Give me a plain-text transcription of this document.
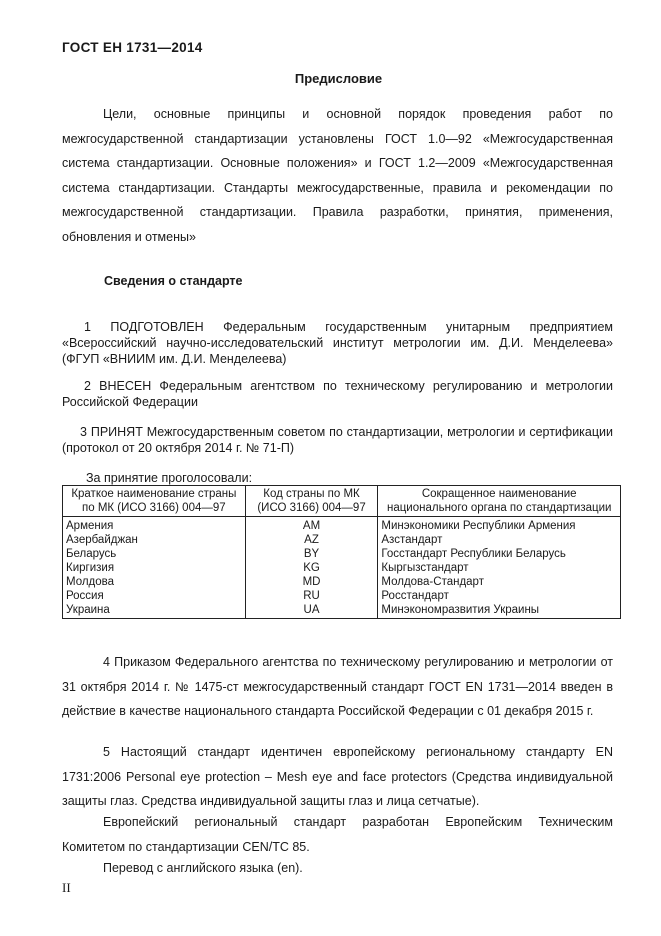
ГОСТ EH 1731—2014
Предисловие
Цели, основные принципы и основной порядок проведения работ по межгосударственной стандартизации установлены ГОСТ 1.0—92 «Межгосударственная система стандартизации. Основные положения» и ГОСТ 1.2—2009 «Межгосударственная система стандартизации. Стандарты межгосударственные, правила и рекомендации по межгосударственной стандартизации. Правила разработки, принятия, применения, обновления и отмены»
Сведения о стандарте
1 ПОДГОТОВЛЕН Федеральным государственным унитарным предприятием «Всероссийский научно-исследовательский институт метрологии им. Д.И. Менделеева» (ФГУП «ВНИИМ им. Д.И. Менделеева)
2 ВНЕСЕН Федеральным агентством по техническому регулированию и метрологии Российской Федерации
3 ПРИНЯТ Межгосударственным советом по стандартизации, метрологии и сертификации (протокол от 20 октября 2014 г. № 71-П)
За принятие проголосовали:
Краткое наименование страны по МК (ИСО 3166) 004—97	Код страны по МК (ИСО 3166) 004—97	Сокращенное наименование национального органа по стандартизации
Армения	AM	Минэкономики Республики Армения
Азербайджан	AZ	Азстандарт
Беларусь	BY	Госстандарт Республики Беларусь
Киргизия	KG	Кыргызстандарт
Молдова	MD	Молдова-Стандарт
Россия	RU	Росстандарт
Украина	UA	Минэкономразвития Украины
4 Приказом Федерального агентства по техническому регулированию и метрологии от 31 октября 2014 г. № 1475-ст межгосударственный стандарт ГОСТ EN 1731—2014 введен в действие в качестве национального стандарта Российской Федерации с 01 декабря 2015 г.
5 Настоящий стандарт идентичен европейскому региональному стандарту EN 1731:2006 Personal eye protection – Mesh eye and face protectors (Средства индивидуальной защиты глаз. Средства индивидуальной защиты глаз и лица сетчатые).
Европейский региональный стандарт разработан Европейским Техническим Комитетом по стандартизации CEN/TC 85.
Перевод с английского языка (en).
II
